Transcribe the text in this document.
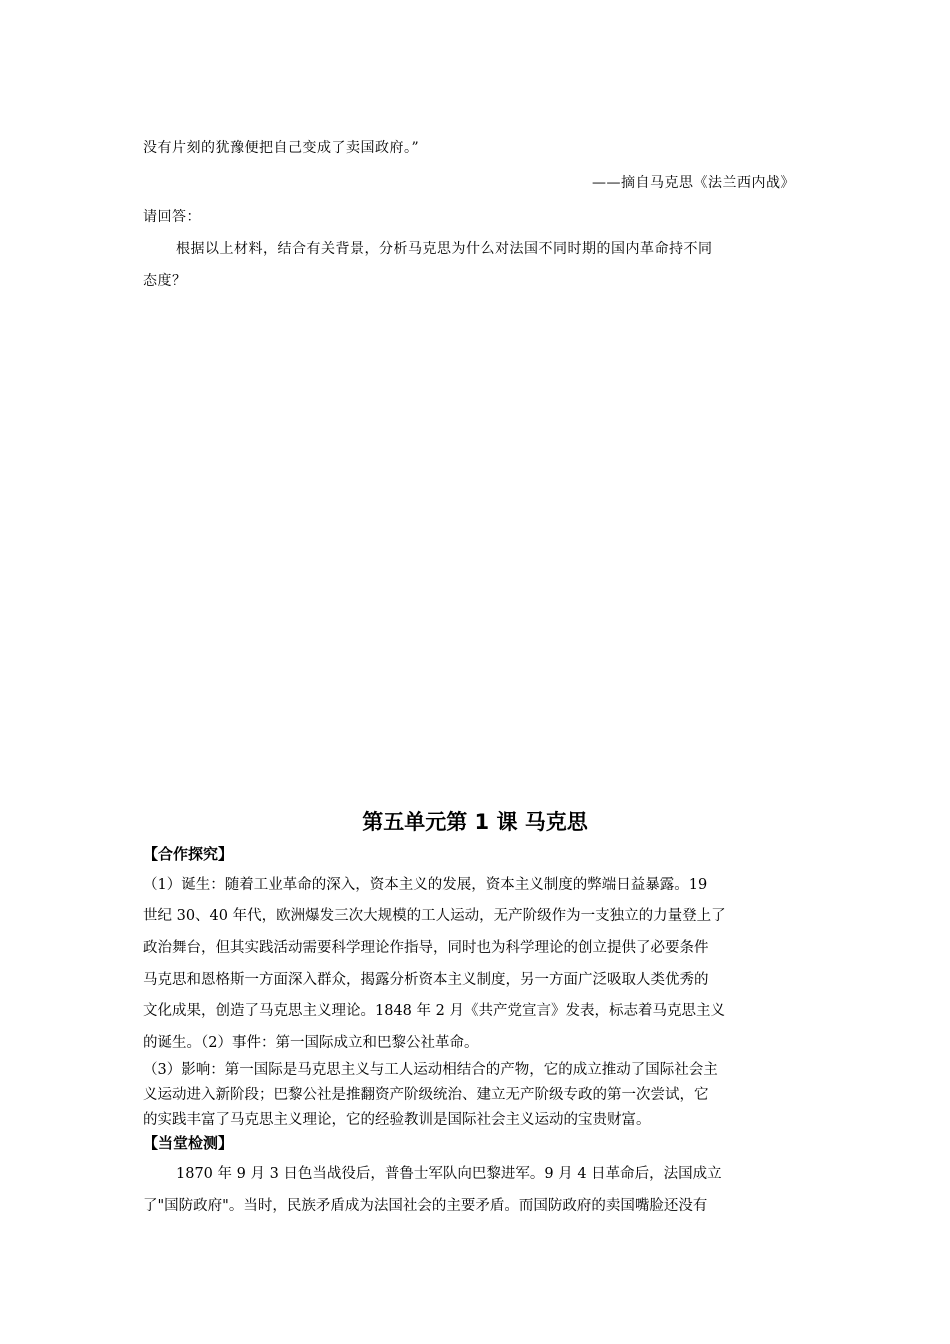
没有片刻的犹豫便把自己变成了卖国政府。”

——摘自马克思《法兰西内战》

请回答：

根据以上材料，结合有关背景，分析马克思为什么对法国不同时期的国内革命持不同

态度？

第五单元第 1 课 马克思

【合作探究】

（1）诞生：随着工业革命的深入，资本主义的发展，资本主义制度的弊端日益暴露。19

世纪 30、40 年代，欧洲爆发三次大规模的工人运动，无产阶级作为一支独立的力量登上了

政治舞台，但其实践活动需要科学理论作指导，同时也为科学理论的创立提供了必要条件

马克思和恩格斯一方面深入群众，揭露分析资本主义制度，另一方面广泛吸取人类优秀的

文化成果，创造了马克思主义理论。1848 年 2 月《共产党宣言》发表，标志着马克思主义

的诞生。（2）事件：第一国际成立和巴黎公社革命。

（3）影响：第一国际是马克思主义与工人运动相结合的产物，它的成立推动了国际社会主

义运动进入新阶段；巴黎公社是推翻资产阶级统治、建立无产阶级专政的第一次尝试，它

的实践丰富了马克思主义理论，它的经验教训是国际社会主义运动的宝贵财富。

【当堂检测】

1870 年 9 月 3 日色当战役后，普鲁士军队向巴黎进军。9 月 4 日革命后，法国成立

了"国防政府"。当时，民族矛盾成为法国社会的主要矛盾。而国防政府的卖国嘴脸还没有
